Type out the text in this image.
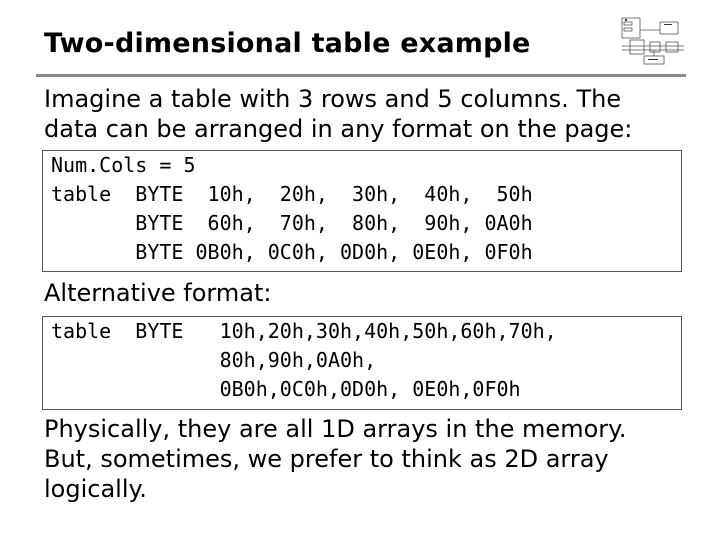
Two-dimensional table example
Imagine a table with 3 rows and 5 columns. The
data can be arranged in any format on the page:
Num.Cols = 5
table  BYTE  10h,  20h,  30h,  40h,  50h
BYTE  60h,  70h,  80h,  90h, 0A0h
BYTE 0B0h, 0C0h, 0D0h, 0E0h, 0F0h
Alternative format:
table  BYTE   10h,20h,30h,40h,50h,60h,70h,
80h,90h,0A0h,
0B0h,0C0h,0D0h, 0E0h,0F0h
Physically, they are all 1D arrays in the memory.
But, sometimes, we prefer to think as 2D array
logically.
